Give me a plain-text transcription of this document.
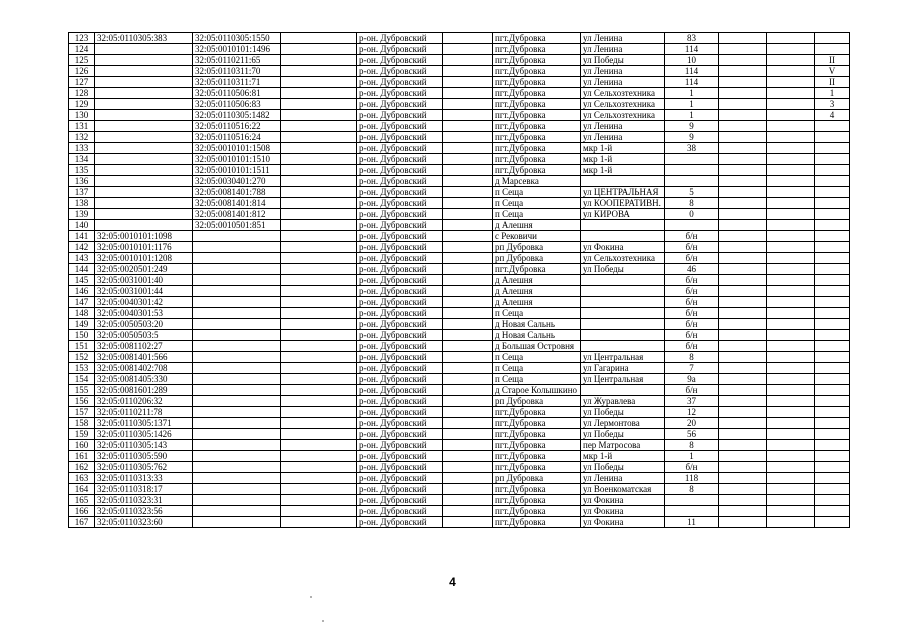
123	32:05:0110305:383	32:05:0110305:1550		р-он. Дубровский		пгт.Дубровка	ул Ленина	83			
124		32:05:0010101:1496		р-он. Дубровский		пгт.Дубровка	ул Ленина	114			
125		32:05:0110211:65		р-он. Дубровский		пгт.Дубровка	ул Победы	10			II
126		32:05:0110311:70		р-он. Дубровский		пгт.Дубровка	ул Ленина	114			V
127		32:05:0110311:71		р-он. Дубровский		пгт.Дубровка	ул Ленина	114			II
128		32:05:0110506:81		р-он. Дубровский		пгт.Дубровка	ул Сельхозтехника	1			1
129		32:05:0110506:83		р-он. Дубровский		пгт.Дубровка	ул Сельхозтехника	1			3
130		32:05:0110305:1482		р-он. Дубровский		пгт.Дубровка	ул Сельхозтехника	1			4
131		32:05:0110516:22		р-он. Дубровский		пгт.Дубровка	ул Ленина	9			
132		32:05:0110516:24		р-он. Дубровский		пгт.Дубровка	ул Ленина	9			
133		32:05:0010101:1508		р-он. Дубровский		пгт.Дубровка	мкр 1-й	38			
134		32:05:0010101:1510		р-он. Дубровский		пгт.Дубровка	мкр 1-й				
135		32:05:0010101:1511		р-он. Дубровский		пгт.Дубровка	мкр 1-й				
136		32:05:0030401:270		р-он. Дубровский		д Марсевка					
137		32:05:0081401:788		р-он. Дубровский		п Сеща	ул ЦЕНТРАЛЬНАЯ	5			
138		32:05:0081401:814		р-он. Дубровский		п Сеща	ул КООПЕРАТИВН.	8			
139		32:05:0081401:812		р-он. Дубровский		п Сеща	ул КИРОВА	0			
140		32:05:0010501:851		р-он. Дубровский		д Алешня					
141	32:05:0010101:1098			р-он. Дубровский		с Рековичи		б/н			
142	32:05:0010101:1176			р-он. Дубровский		рп Дубровка	ул Фокина	б/н			
143	32:05:0010101:1208			р-он. Дубровский		рп Дубровка	ул Сельхозтехника	б/н			
144	32:05:0020501:249			р-он. Дубровский		пгт.Дубровка	ул Победы	46			
145	32:05:0031001:40			р-он. Дубровский		д Алешня		б/н			
146	32:05:0031001:44			р-он. Дубровский		д Алешня		б/н			
147	32:05:0040301:42			р-он. Дубровский		д Алешня		б/н			
148	32:05:0040301:53			р-он. Дубровский		п Сеща		б/н			
149	32:05:0050503:20			р-он. Дубровский		д Новая Сальнь		б/н			
150	32:05:0050503:5			р-он. Дубровский		д Новая Сальнь		б/н			
151	32:05:0081102:27			р-он. Дубровский		д Большая Островня		б/н			
152	32:05:0081401:566			р-он. Дубровский		п Сеща	ул Центральная	8			
153	32:05:0081402:708			р-он. Дубровский		п Сеща	ул Гагарина	7			
154	32:05:0081405:330			р-он. Дубровский		п Сеща	ул Центральная	9а			
155	32:05:0081601:289			р-он. Дубровский		д Старое Колышкино		б/н			
156	32:05:0110206:32			р-он. Дубровский		рп Дубровка	ул Журавлева	37			
157	32:05:0110211:78			р-он. Дубровский		пгт.Дубровка	ул Победы	12			
158	32:05:0110305:1371			р-он. Дубровский		пгт.Дубровка	ул Лермонтова	20			
159	32:05:0110305:1426			р-он. Дубровский		пгт.Дубровка	ул Победы	56			
160	32:05:0110305:143			р-он. Дубровский		пгт.Дубровка	пер Матросова	8			
161	32:05:0110305:590			р-он. Дубровский		пгт.Дубровка	мкр 1-й	1			
162	32:05:0110305:762			р-он. Дубровский		пгт.Дубровка	ул Победы	б/н			
163	32:05:0110313:33			р-он. Дубровский		рп Дубровка	ул Ленина	118			
164	32:05:0110318:17			р-он. Дубровский		пгт.Дубровка	ул Военкоматская	8			
165	32:05:0110323:31			р-он. Дубровский		пгт.Дубровка	ул Фокина				
166	32:05:0110323:56			р-он. Дубровский		пгт.Дубровка	ул Фокина				
167	32:05:0110323:60			р-он. Дубровский		пгт.Дубровка	ул Фокина	11			
4
